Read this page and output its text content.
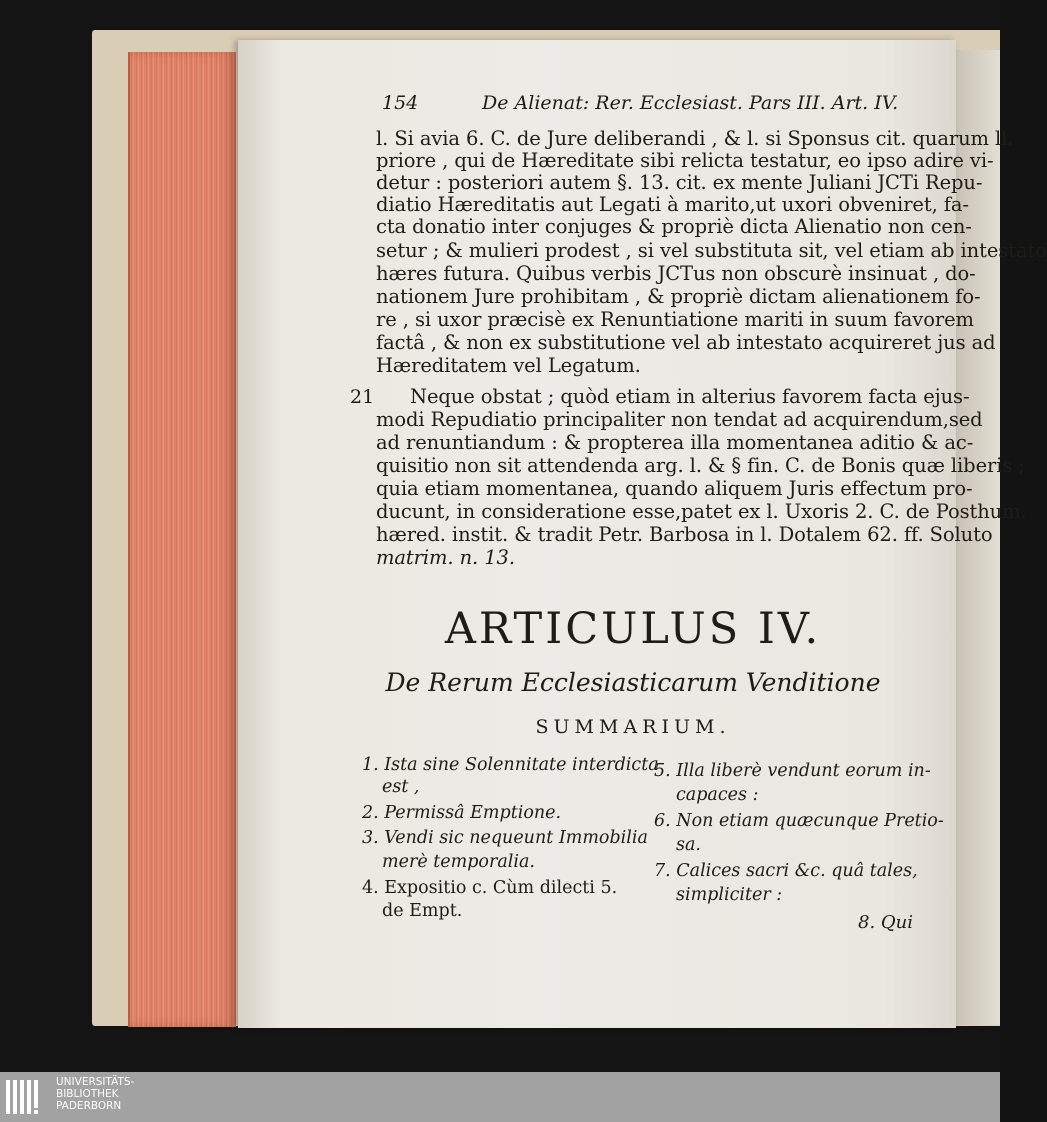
154	De Alienat: Rer. Ecclesiast. Pars III. Art. IV.
l. Si avia 6. C. de Jure deliberandi , & l. si Sponsus cit. quarum ll.
priore , qui de Hæreditate sibi relicta testatur, eo ipso adire vi-
detur : posteriori autem §. 13. cit. ex mente Juliani JCTi Repu-
diatio Hæreditatis aut Legati à marito,ut uxori obveniret, fa-
cta donatio inter conjuges & propriè dicta Alienatio non cen-
setur ; & mulieri prodest , si vel substituta sit, vel etiam ab intestato
hæres futura. Quibus verbis JCTus non obscurè insinuat , do-
nationem Jure prohibitam , & propriè dictam alienationem fo-
re , si uxor præcisè ex Renuntiatione mariti in suum favorem
factâ , & non ex substitutione vel ab intestato acquireret jus ad
Hæreditatem vel Legatum.
21 Neque obstat ; quòd etiam in alterius favorem facta ejus-
modi Repudiatio principaliter non tendat ad acquirendum,sed
ad renuntiandum : & propterea illa momentanea aditio & ac-
quisitio non sit attendenda arg. l. & § fin. C. de Bonis quæ liberis ;
quia etiam momentanea, quando aliquem Juris effectum pro-
ducunt, in consideratione esse,patet ex l. Uxoris 2. C. de Posthum.
hæred. instit. & tradit Petr. Barbosa in l. Dotalem 62. ff. Soluto
matrim. n. 13.
ARTICULUS IV.
De Rerum Ecclesiasticarum Venditione
SUMMARIUM.
1. Ista sine Solennitate interdicta
est ,
2. Permissâ Emptione.
3. Vendi sic nequeunt Immobilia
merè temporalia.
4. Expositio c. Cùm dilecti 5.
de Empt.
5. Illa liberè vendunt eorum in-
capaces :
6. Non etiam quæcunque Pretio-
sa.
7. Calices sacri &c. quâ tales,
simpliciter :
8. Qui
UNIVERSITÄTS-
BIBLIOTHEK
PADERBORN
